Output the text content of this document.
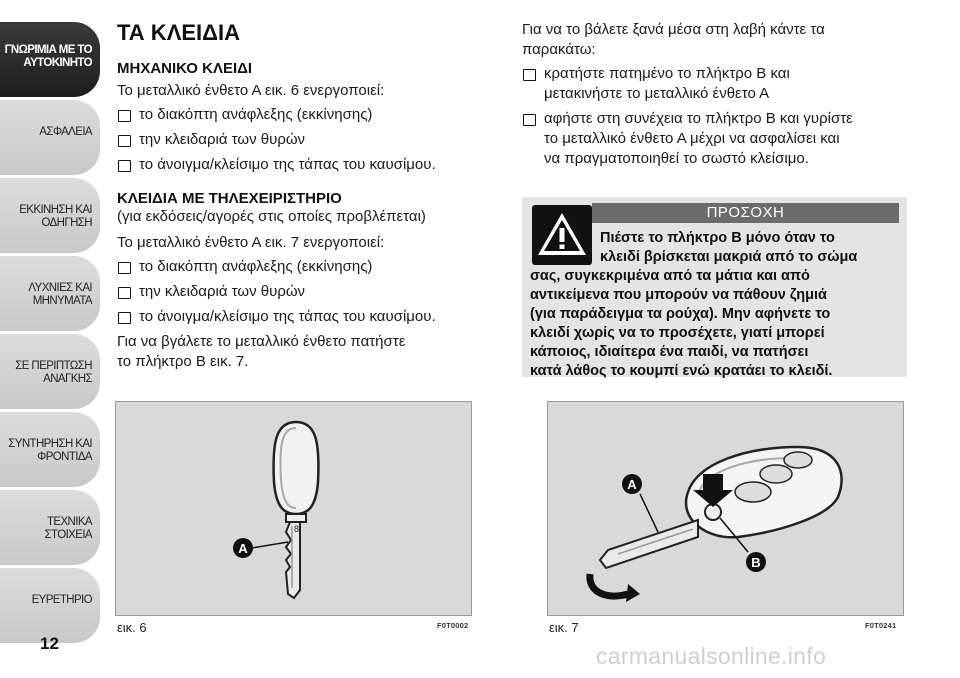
ΓΝΩΡΙΜΙΑ ΜΕ ΤΟ
ΑΥΤΟΚΙΝΗΤΟ
ΑΣΦΑΛΕΙΑ
ΕΚΚΙΝΗΣΗ ΚΑΙ
ΟΔΗΓΗΣΗ
ΛΥΧΝΙΕΣ ΚΑΙ
ΜΗΝΥΜΑΤΑ
ΣΕ ΠΕΡΙΠΤΩΣΗ
ΑΝΑΓΚΗΣ
ΣΥΝΤΗΡΗΣΗ ΚΑΙ
ΦΡΟΝΤΙΔΑ
ΤΕΧΝΙΚΑ ΣΤΟΙΧΕΙΑ
ΕΥΡΕΤΗΡΙΟ
12
ΤΑ ΚΛΕΙΔΙΑ
ΜΗΧΑΝΙΚΟ ΚΛΕΙΔΙ

Το μεταλλικό ένθετο Α εικ. 6 ενεργοποιεί:

το διακόπτη ανάφλεξης (εκκίνησης)
την κλειδαριά των θυρών
το άνοιγμα/κλείσιμο της τάπας του καυσίμου.
ΚΛΕΙΔΙΑ ΜΕ ΤΗΛΕΧΕΙΡΙΣΤΗΡΙΟ

(για εκδόσεις/αγορές στις οποίες προβλέπεται)

Το μεταλλικό ένθετο Α εικ. 7 ενεργοποιεί:

το διακόπτη ανάφλεξης (εκκίνησης)
την κλειδαριά των θυρών
το άνοιγμα/κλείσιμο της τάπας του καυσίμου.

Για να βγάλετε το μεταλλικό ένθετο πατήστε
το πλήκτρο Β εικ. 7.

Για να το βάλετε ξανά μέσα στη λαβή κάντε τα
παρακάτω:

κρατήστε πατημένο το πλήκτρο Β και
μετακινήστε το μεταλλικό ένθετο Α
αφήστε στη συνέχεια το πλήκτρο Β και γυρίστε
το μεταλλικό ένθετο Α μέχρι να ασφαλίσει και
να πραγματοποιηθεί το σωστό κλείσιμο.
ΠΡΟΣΟΧΗ
Πιέστε το πλήκτρο Β μόνο όταν το
κλειδί βρίσκεται μακριά από το σώμα
σας, συγκεκριμένα από τα μάτια και από
αντικείμενα που μπορούν να πάθουν ζημιά
(για παράδειγμα τα ρούχα). Μην αφήνετε το
κλειδί χωρίς να το προσέχετε, γιατί μπορεί
κάποιος, ιδιαίτερα ένα παιδί, να πατήσει
κατά λάθος το κουμπί ενώ κρατάει το κλειδί.
8
A
εικ. 6	F0T0002
A
B
εικ. 7	F0T0241
carmanualsonline.info
